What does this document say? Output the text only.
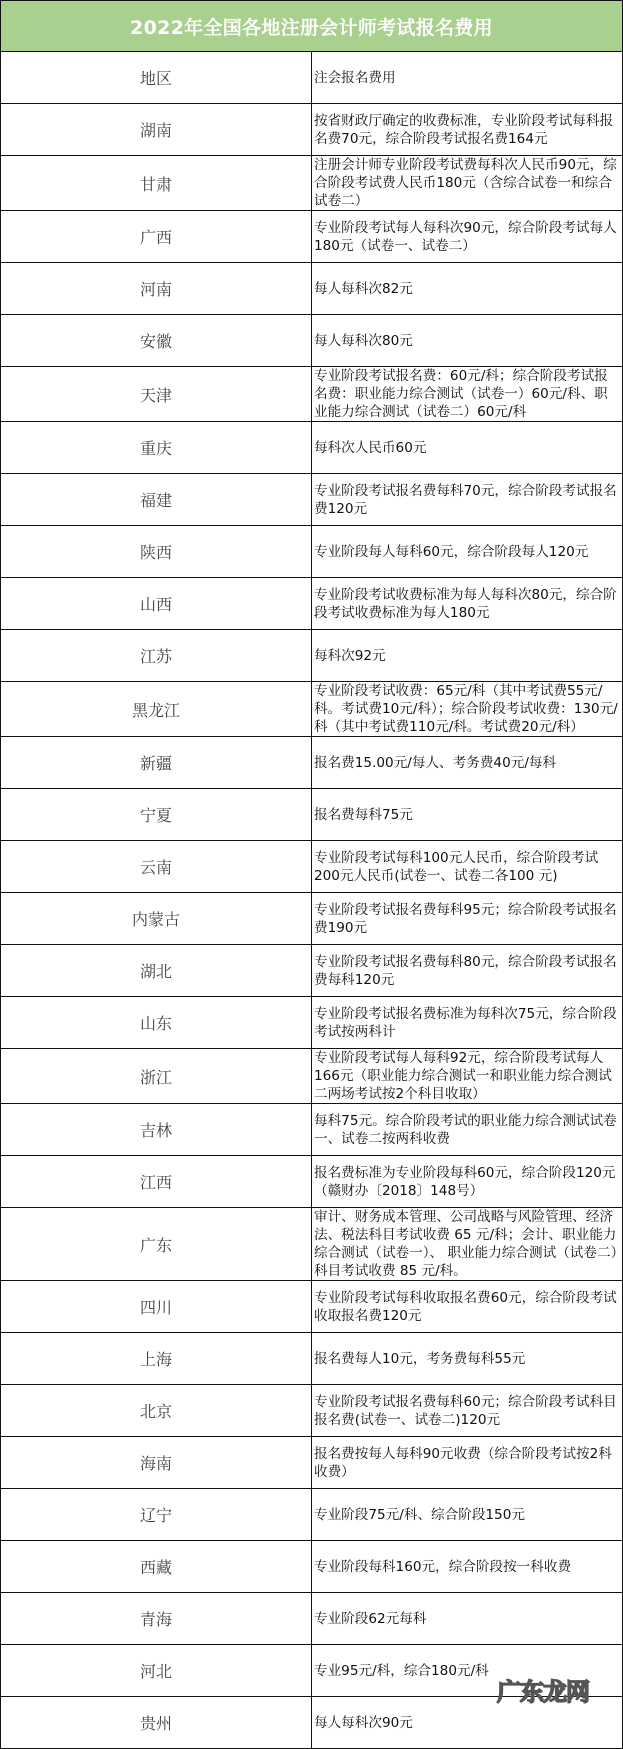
2022年全国各地注册会计师考试报名费用	
地区	注会报名费用
湖南	按省财政厅确定的收费标准，专业阶段考试每科报名费70元，综合阶段考试报名费164元
甘肃	注册会计师专业阶段考试费每科次人民币90元，综合阶段考试费人民币180元（含综合试卷一和综合试卷二）
广西	专业阶段考试每人每科次90元，综合阶段考试每人180元（试卷一、试卷二）
河南	每人每科次82元
安徽	每人每科次80元
天津	专业阶段考试报名费：60元/科；综合阶段考试报名费：职业能力综合测试（试卷一）60元/科、职业能力综合测试（试卷二）60元/科
重庆	每科次人民币60元
福建	专业阶段考试报名费每科70元，综合阶段考试报名费120元
陕西	专业阶段每人每科60元，综合阶段每人120元
山西	专业阶段考试收费标准为每人每科次80元，综合阶段考试收费标准为每人180元
江苏	每科次92元
黑龙江	专业阶段考试收费：65元/科（其中考试费55元/科。考试费10元/科）；综合阶段考试收费：130元/科（其中考试费110元/科。考试费20元/科）
新疆	报名费15.00元/每人、考务费40元/每科
宁夏	报名费每科75元
云南	专业阶段考试每科100元人民币，综合阶段考试200元人民币(试卷一、试卷二各100 元)
内蒙古	专业阶段考试报名费每科95元；综合阶段考试报名费190元
湖北	专业阶段考试报名费每科80元，综合阶段考试报名费每科120元
山东	专业阶段考试报名费标准为每科次75元，综合阶段考试按两科计
浙江	专业阶段考试每人每科92元，综合阶段考试每人166元（职业能力综合测试一和职业能力综合测试二两场考试按2个科目收取）
吉林	每科75元。综合阶段考试的职业能力综合测试试卷一、试卷二按两科收费
江西	报名费标准为专业阶段每科60元，综合阶段120元（赣财办〔2018〕148号）
广东	审计、财务成本管理、公司战略与风险管理、经济法、税法科目考试收费 65 元/科；会计、职业能力综合测试（试卷一）、 职业能力综合测试（试卷二）科目考试收费 85 元/科。
四川	专业阶段考试每科收取报名费60元，综合阶段考试收取报名费120元
上海	报名费每人10元，考务费每科55元
北京	专业阶段考试报名费每科60元；综合阶段考试科目报名费(试卷一、试卷二)120元
海南	报名费按每人每科90元收费（综合阶段考试按2科收费）
辽宁	专业阶段75元/科、综合阶段150元
西藏	专业阶段每科160元，综合阶段按一科收费
青海	专业阶段62元每科
河北	专业95元/科，综合180元/科
贵州	每人每科次90元
广东龙网
